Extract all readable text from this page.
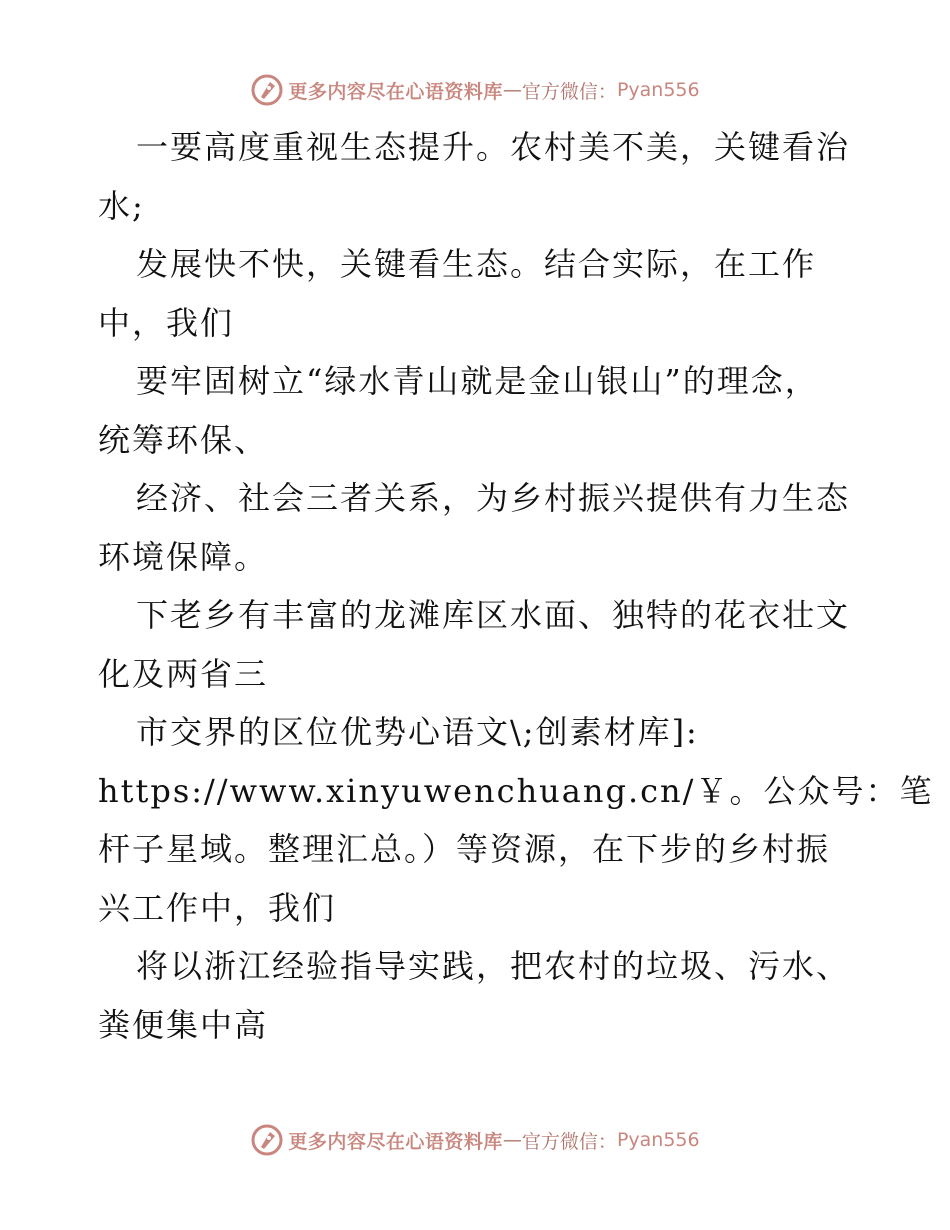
更多内容尽在心语资料库 — 官方微信： Pyan556
一要高度重视生态提升。农村美不美，关键看治
水;
发展快不快，关键看生态。结合实际，在工作
中，我们
要牢固树立“绿水青山就是金山银山”的理念，
统筹环保、
经济、社会三者关系，为乡村振兴提供有力生态
环境保障。
下老乡有丰富的龙滩库区水面、独特的花衣壮文
化及两省三
市交界的区位优势心语文\;创素材库]:
https://www.xinyuwenchuang.cn/￥。公众号：笔
杆子星域。整理汇总。）等资源，在下步的乡村振
兴工作中，我们
将以浙江经验指导实践，把农村的垃圾、污水、
粪便集中高
更多内容尽在心语资料库 — 官方微信： Pyan556
